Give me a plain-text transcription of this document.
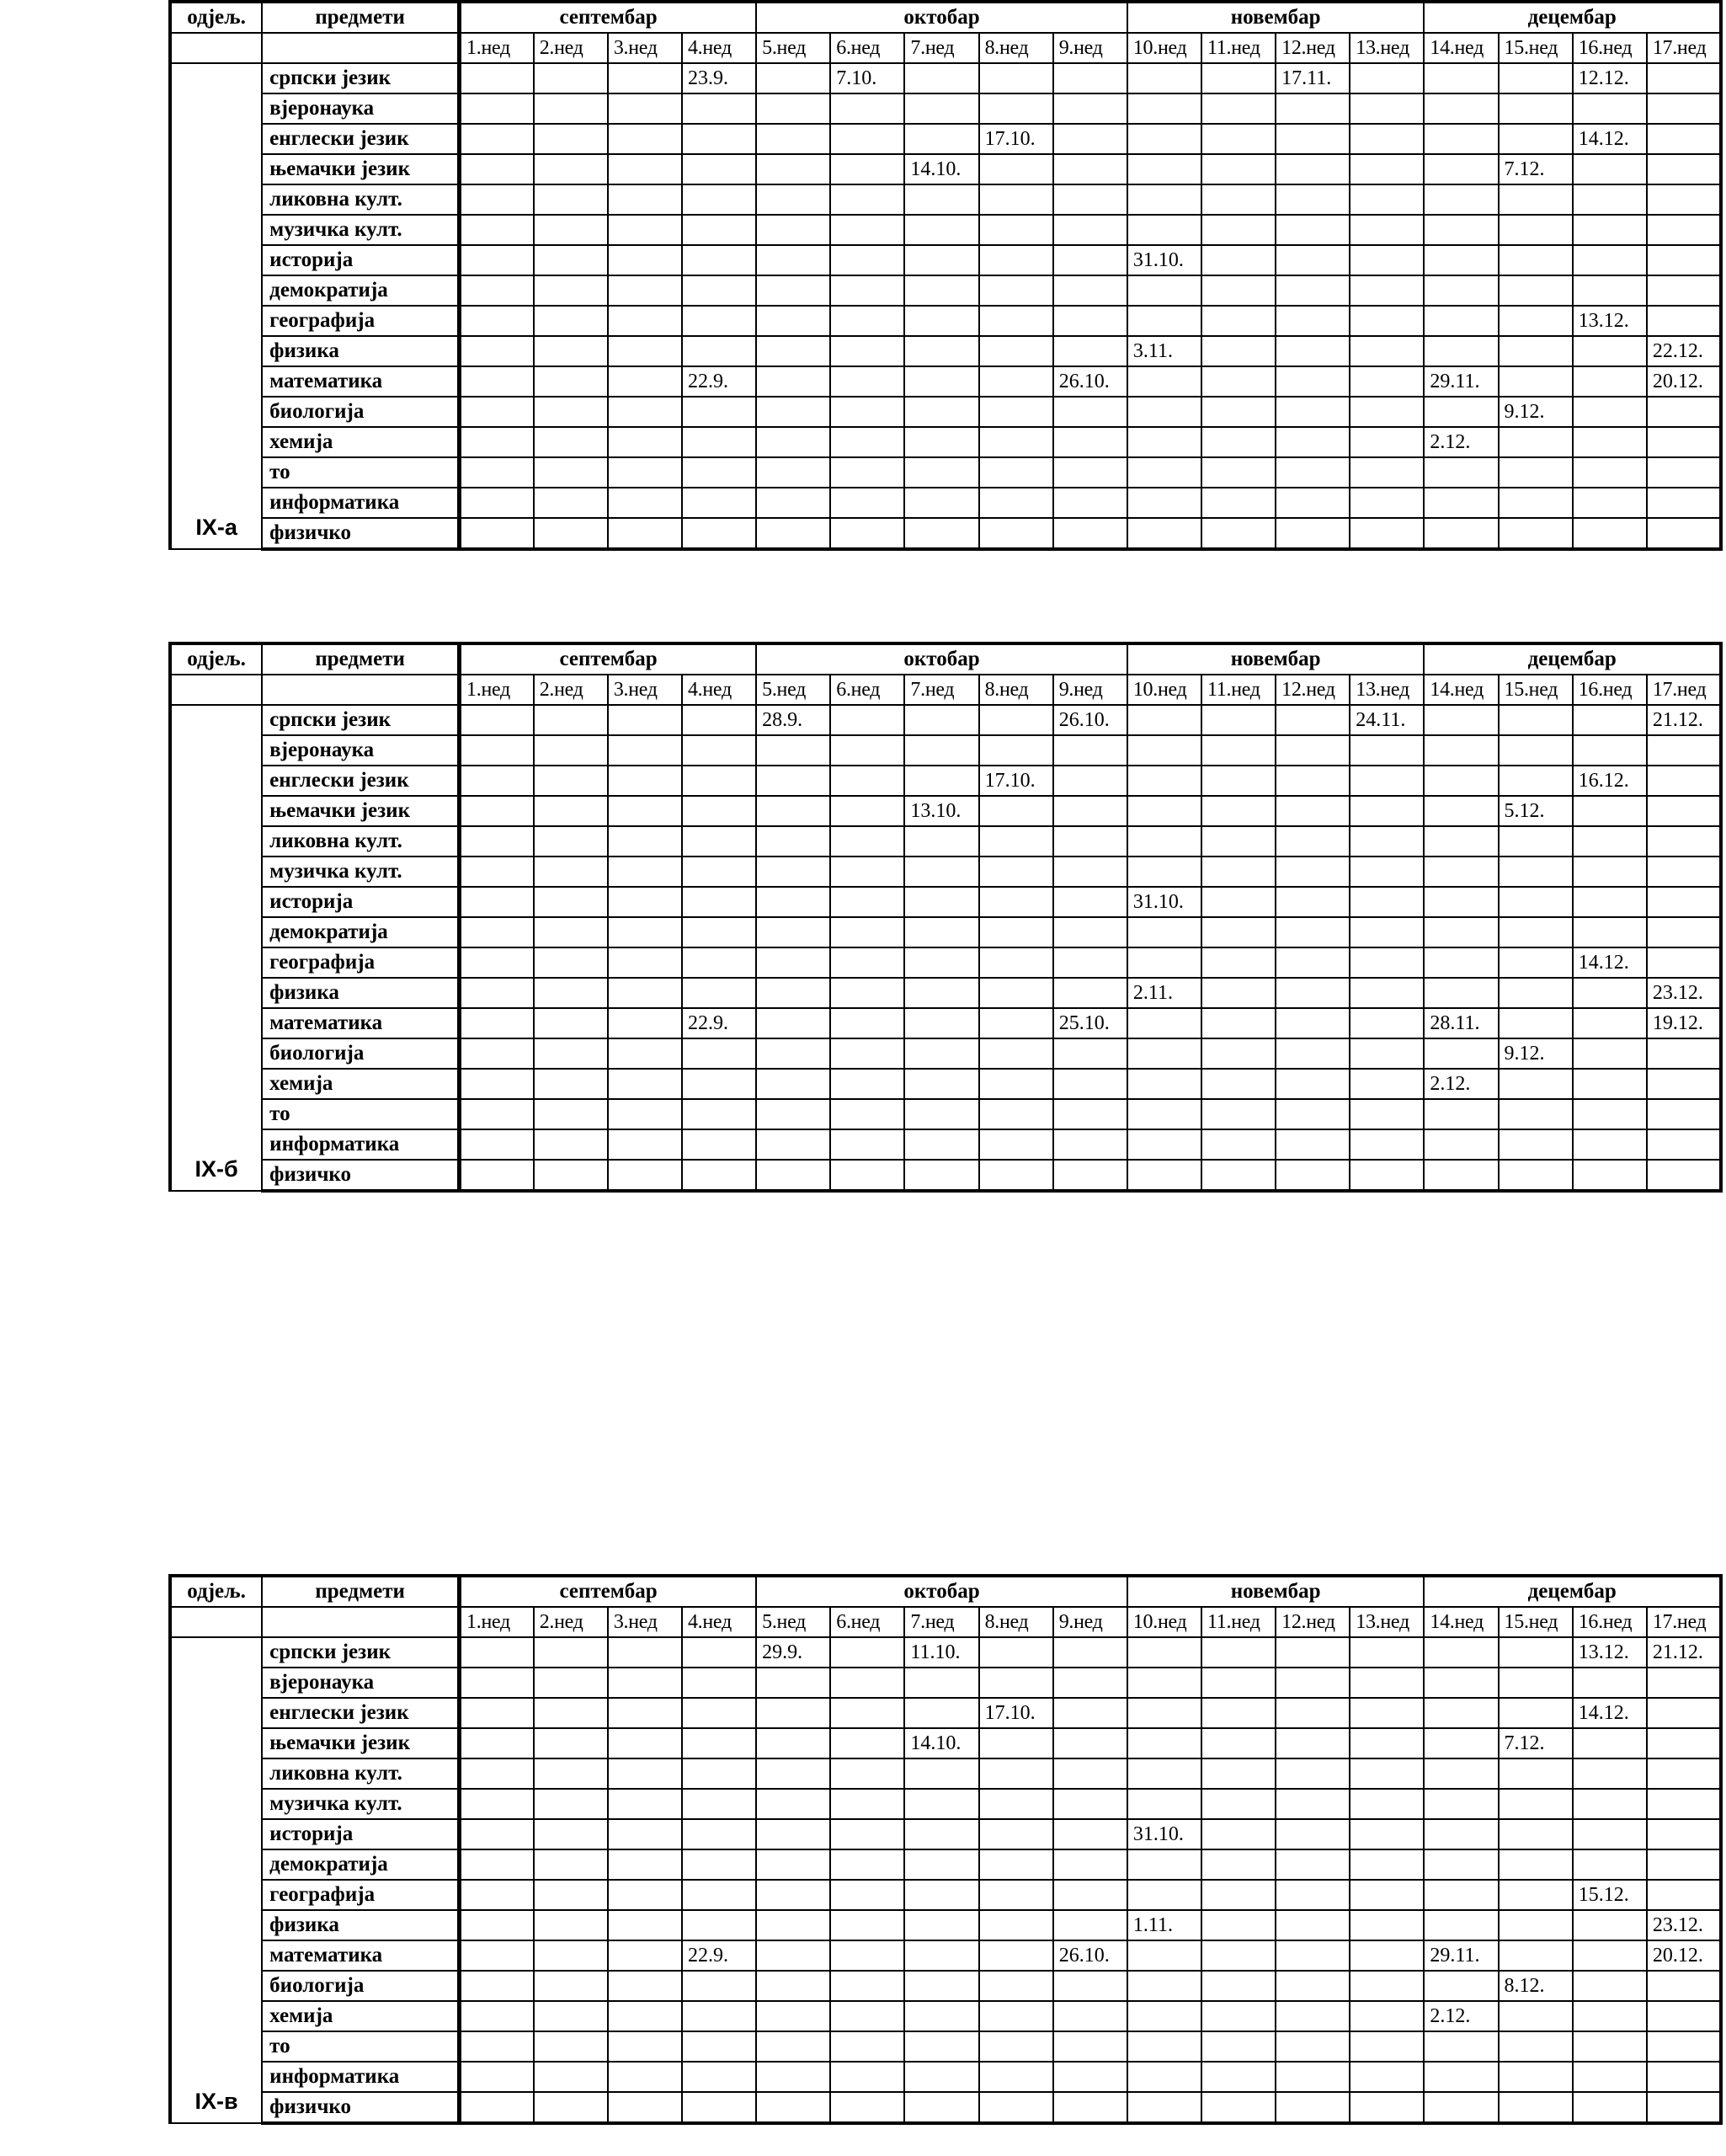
одјељ.	предмети	септембар				октобар					новембар				децембар			
		1.нед	2.нед	3.нед	4.нед	5.нед	6.нед	7.нед	8.нед	9.нед	10.нед	11.нед	12.нед	13.нед	14.нед	15.нед	16.нед	17.нед
IX-а	српски језик				23.9.		7.10.						17.11.				12.12.	
	вјеронаука																	
	енглески језик								17.10.								14.12.	
	њемачки језик							14.10.								7.12.		
	ликовна култ.																	
	музичка култ.																	
	историја										31.10.							
	демократија																	
	географија																13.12.	
	физика										3.11.							22.12.
	математика				22.9.					26.10.					29.11.			20.12.
	биологија															9.12.		
	хемија														2.12.			
	то																	
	информатика																	
	физичко																	
одјељ.	предмети	септембар				октобар					новембар				децембар			
		1.нед	2.нед	3.нед	4.нед	5.нед	6.нед	7.нед	8.нед	9.нед	10.нед	11.нед	12.нед	13.нед	14.нед	15.нед	16.нед	17.нед
IX-б	српски језик					28.9.				26.10.				24.11.				21.12.
	вјеронаука																	
	енглески језик								17.10.								16.12.	
	њемачки језик							13.10.								5.12.		
	ликовна култ.																	
	музичка култ.																	
	историја										31.10.							
	демократија																	
	географија																14.12.	
	физика										2.11.							23.12.
	математика				22.9.					25.10.					28.11.			19.12.
	биологија															9.12.		
	хемија														2.12.			
	то																	
	информатика																	
	физичко																	
одјељ.	предмети	септембар				октобар					новембар				децембар			
		1.нед	2.нед	3.нед	4.нед	5.нед	6.нед	7.нед	8.нед	9.нед	10.нед	11.нед	12.нед	13.нед	14.нед	15.нед	16.нед	17.нед
IX-в	српски језик					29.9.		11.10.									13.12.	21.12.
	вјеронаука																	
	енглески језик								17.10.								14.12.	
	њемачки језик							14.10.								7.12.		
	ликовна култ.																	
	музичка култ.																	
	историја										31.10.							
	демократија																	
	географија																15.12.	
	физика										1.11.							23.12.
	математика				22.9.					26.10.					29.11.			20.12.
	биологија															8.12.		
	хемија														2.12.			
	то																	
	информатика																	
	физичко																	
